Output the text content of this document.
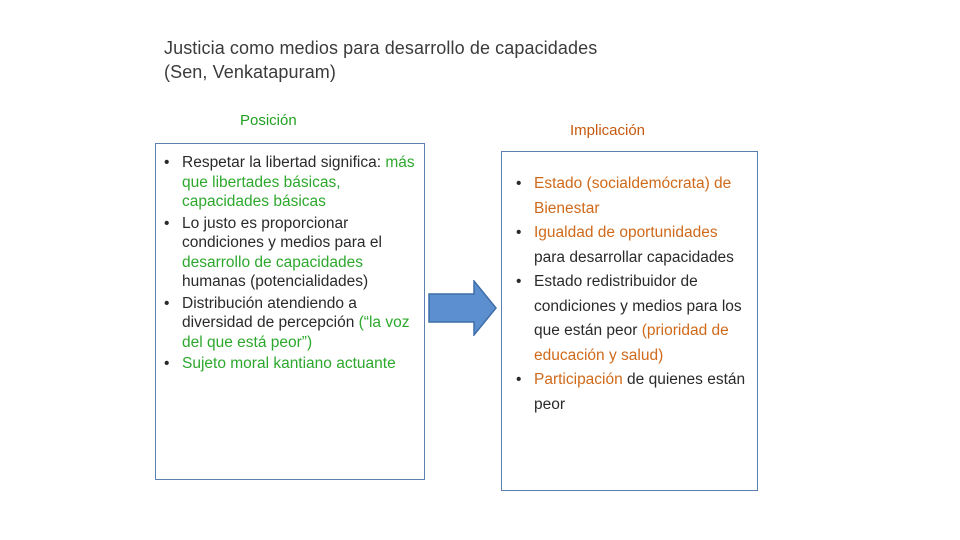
Justicia como medios para desarrollo de capacidades
(Sen, Venkatapuram)
Posición
Implicación
• Respetar la libertad significa: más que libertades básicas, capacidades básicas
• Lo justo es proporcionar condiciones y medios para el desarrollo de capacidades humanas (potencialidades)
• Distribución atendiendo a diversidad de percepción (“la voz del que está peor”)
• Sujeto moral kantiano actuante
• Estado (socialdemócrata) de Bienestar
• Igualdad de oportunidades para desarrollar capacidades
• Estado redistribuidor de condiciones y medios para los que están peor (prioridad de educación y salud)
• Participación de quienes están peor
